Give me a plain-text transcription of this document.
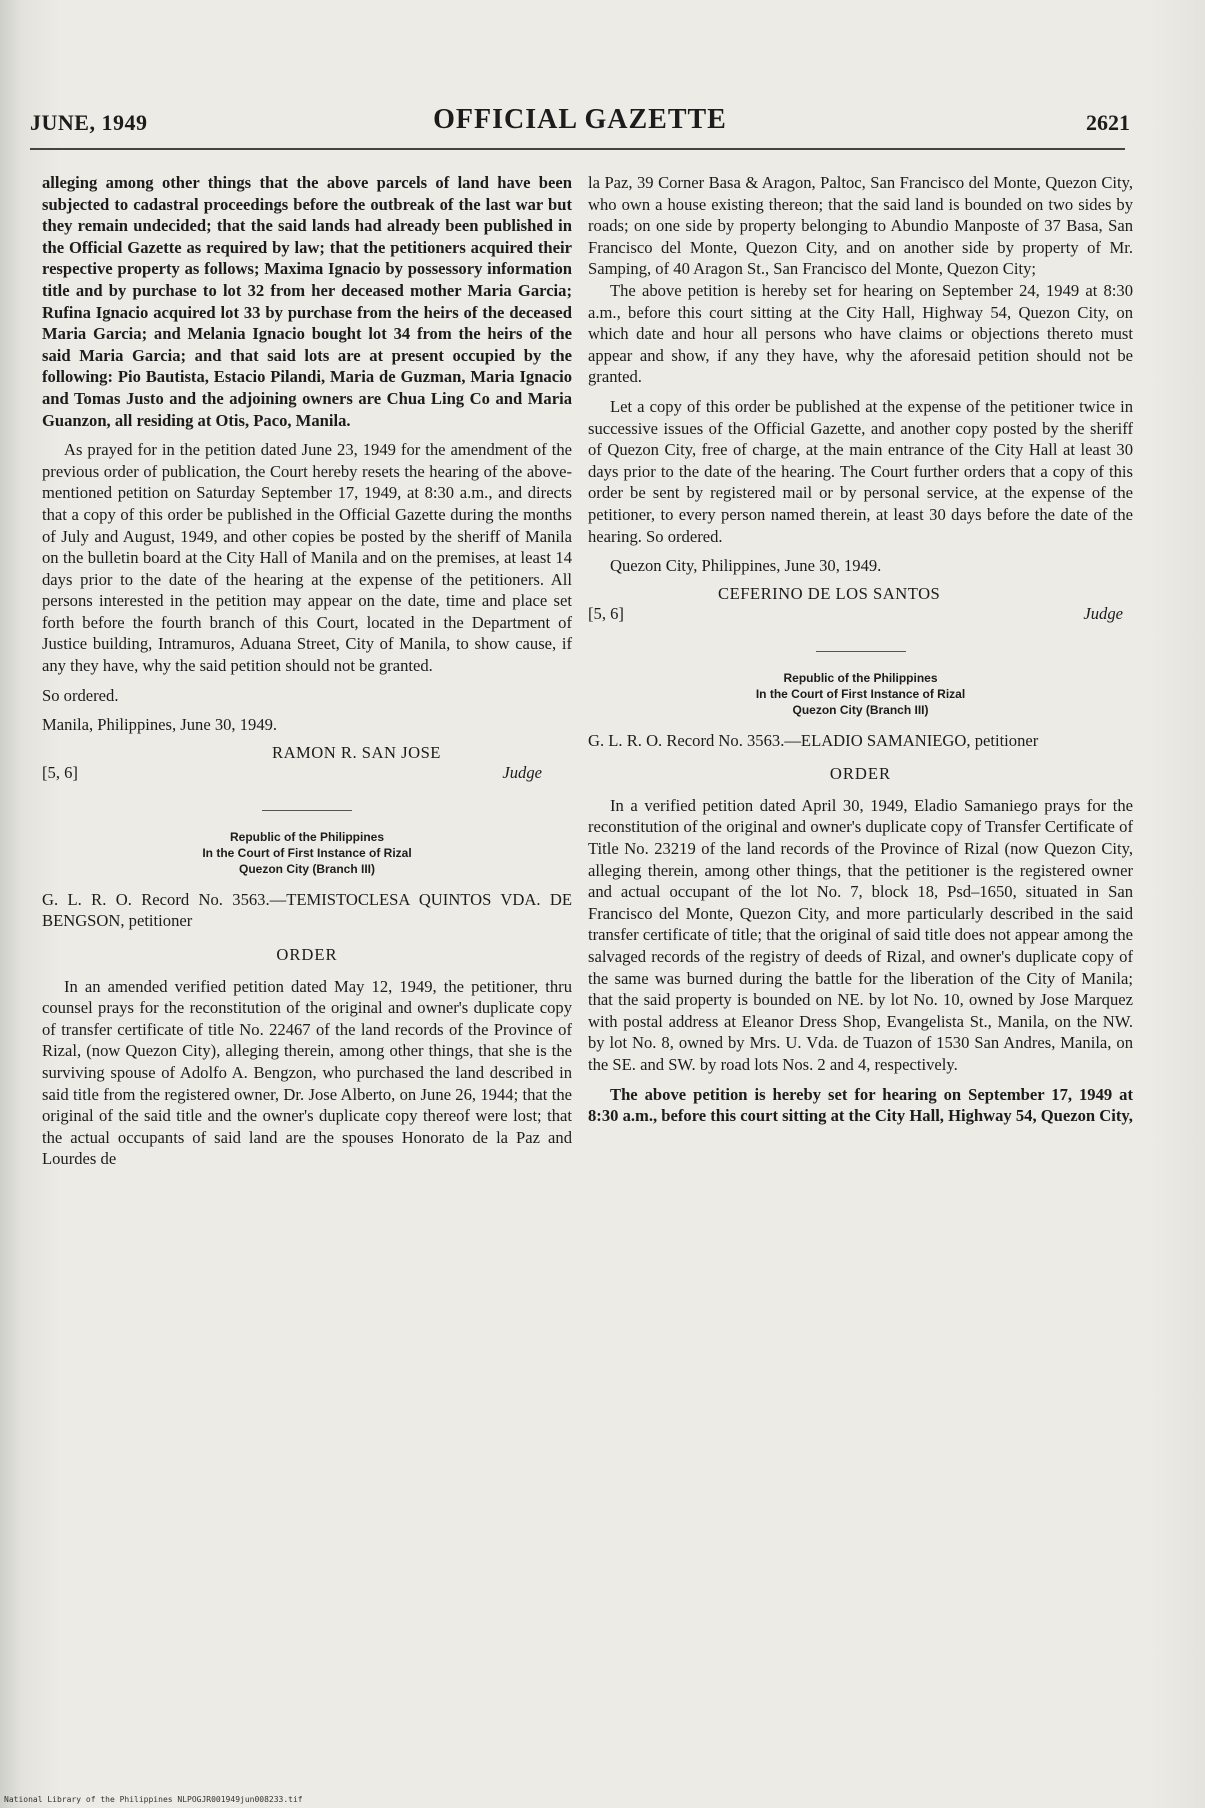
JUNE, 1949	OFFICIAL GAZETTE	2621

alleging among other things that the above parcels of land have been subjected to cadastral proceedings before the outbreak of the last war but they remain undecided; that the said lands had already been published in the Official Gazette as required by law; that the petitioners acquired their respective property as follows; Maxima Ignacio by possessory information title and by purchase to lot 32 from her deceased mother Maria Garcia; Rufina Ignacio acquired lot 33 by purchase from the heirs of the deceased Maria Garcia; and Melania Ignacio bought lot 34 from the heirs of the said Maria Garcia; and that said lots are at present occupied by the following: Pio Bautista, Estacio Pilandi, Maria de Guzman, Maria Ignacio and Tomas Justo and the adjoining owners are Chua Ling Co and Maria Guanzon, all residing at Otis, Paco, Manila.

As prayed for in the petition dated June 23, 1949 for the amendment of the previous order of publication, the Court hereby resets the hearing of the above-mentioned petition on Saturday September 17, 1949, at 8:30 a.m., and directs that a copy of this order be published in the Official Gazette during the months of July and August, 1949, and other copies be posted by the sheriff of Manila on the bulletin board at the City Hall of Manila and on the premises, at least 14 days prior to the date of the hearing at the expense of the petitioners. All persons interested in the petition may appear on the date, time and place set forth before the fourth branch of this Court, located in the Department of Justice building, Intramuros, Aduana Street, City of Manila, to show cause, if any they have, why the said petition should not be granted.

So ordered.

Manila, Philippines, June 30, 1949.

RAMON R. SAN JOSE
[5, 6]	Judge
Republic of the Philippines
In the Court of First Instance of Rizal
Quezon City (Branch III)

G. L. R. O. Record No. 3563.—TEMISTOCLESA QUINTOS VDA. DE BENGSON, petitioner

ORDER

In an amended verified petition dated May 12, 1949, the petitioner, thru counsel prays for the reconstitution of the original and owner's duplicate copy of transfer certificate of title No. 22467 of the land records of the Province of Rizal, (now Quezon City), alleging therein, among other things, that she is the surviving spouse of Adolfo A. Bengzon, who purchased the land described in said title from the registered owner, Dr. Jose Alberto, on June 26, 1944; that the original of the said title and the owner's duplicate copy thereof were lost; that the actual occupants of said land are the spouses Honorato de la Paz and Lourdes de

la Paz, 39 Corner Basa & Aragon, Paltoc, San Francisco del Monte, Quezon City, who own a house existing thereon; that the said land is bounded on two sides by roads; on one side by property belonging to Abundio Manposte of 37 Basa, San Francisco del Monte, Quezon City, and on another side by property of Mr. Samping, of 40 Aragon St., San Francisco del Monte, Quezon City;

The above petition is hereby set for hearing on September 24, 1949 at 8:30 a.m., before this court sitting at the City Hall, Highway 54, Quezon City, on which date and hour all persons who have claims or objections thereto must appear and show, if any they have, why the aforesaid petition should not be granted.

Let a copy of this order be published at the expense of the petitioner twice in successive issues of the Official Gazette, and another copy posted by the sheriff of Quezon City, free of charge, at the main entrance of the City Hall at least 30 days prior to the date of the hearing. The Court further orders that a copy of this order be sent by registered mail or by personal service, at the expense of the petitioner, to every person named therein, at least 30 days before the date of the hearing. So ordered.

Quezon City, Philippines, June 30, 1949.

CEFERINO DE LOS SANTOS
[5, 6]	Judge
Republic of the Philippines
In the Court of First Instance of Rizal
Quezon City (Branch III)

G. L. R. O. Record No. 3563.—ELADIO SAMANIEGO, petitioner

ORDER

In a verified petition dated April 30, 1949, Eladio Samaniego prays for the reconstitution of the original and owner's duplicate copy of Transfer Certificate of Title No. 23219 of the land records of the Province of Rizal (now Quezon City, alleging therein, among other things, that the petitioner is the registered owner and actual occupant of the lot No. 7, block 18, Psd–1650, situated in San Francisco del Monte, Quezon City, and more particularly described in the said transfer certificate of title; that the original of said title does not appear among the salvaged records of the registry of deeds of Rizal, and owner's duplicate copy of the same was burned during the battle for the liberation of the City of Manila; that the said property is bounded on NE. by lot No. 10, owned by Jose Marquez with postal address at Eleanor Dress Shop, Evangelista St., Manila, on the NW. by lot No. 8, owned by Mrs. U. Vda. de Tuazon of 1530 San Andres, Manila, on the SE. and SW. by road lots Nos. 2 and 4, respectively.

The above petition is hereby set for hearing on September 17, 1949 at 8:30 a.m., before this court sitting at the City Hall, Highway 54, Quezon City,

National Library of the Philippines NLPOGJR001949jun008233.tif
